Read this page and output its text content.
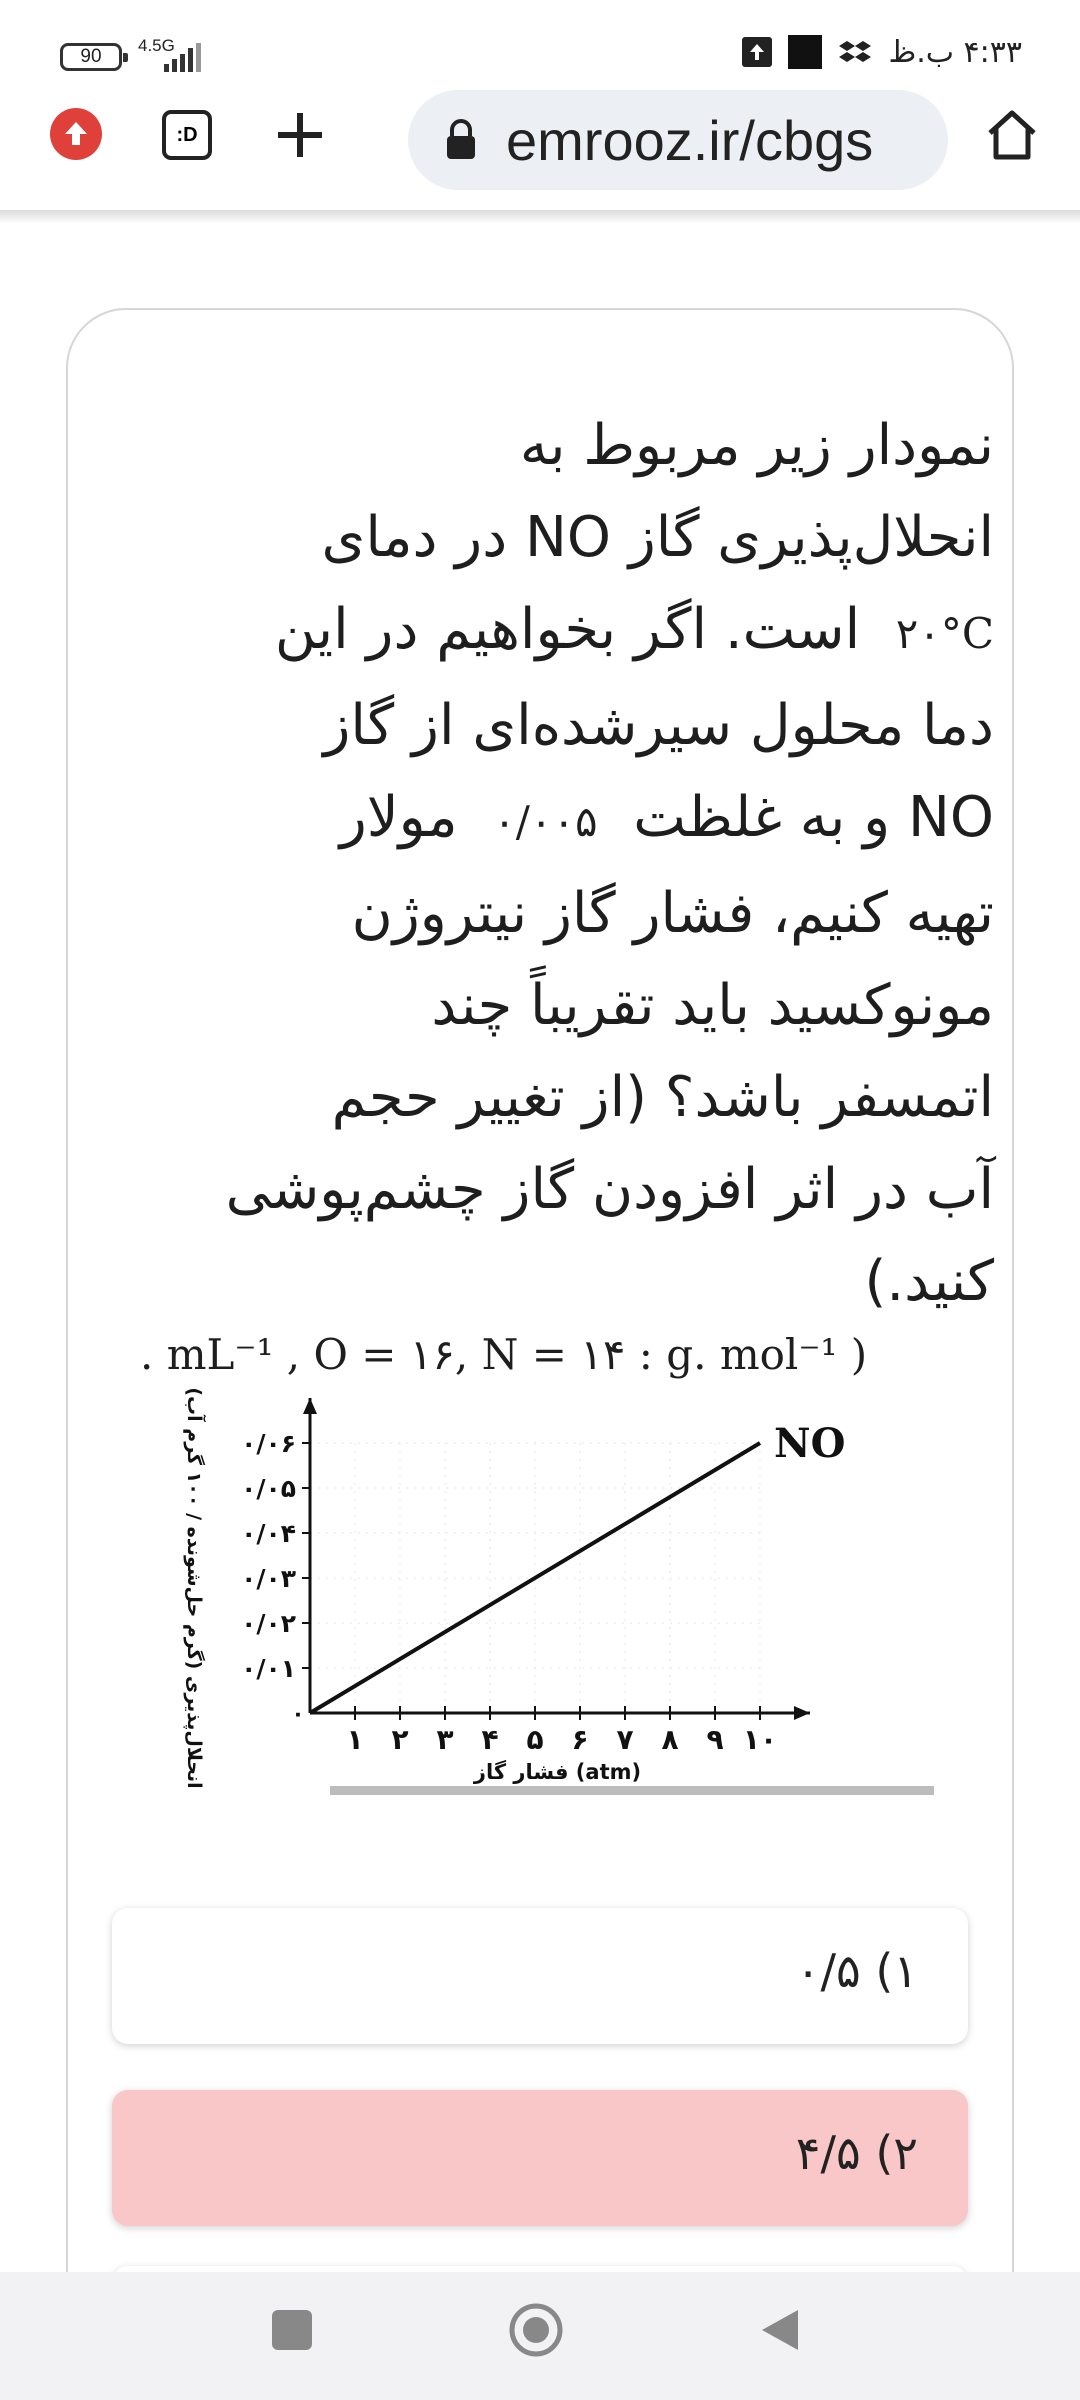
90
4.5G	۴:۳۳ ب.ظ
:D	emrooz.ir/cbgs
نمودار زیر مربوط به
انحلال‌پذیری گاز NO در دمای
۲۰°C  است. اگر بخواهیم در این
دما محلول سیرشده‌ای از گاز
NO و به غلظت  ۰/۰۰۵  مولار
تهیه کنیم، فشار گاز نیتروژن
مونوکسید باید تقریباً چند
اتمسفر باشد؟ (از تغییر حجم
آب در اثر افزودن گاز چشم‌پوشی
کنید.)
. mL⁻¹ , O = ۱۶, N = ۱۴ : g. mol⁻¹ )
۰
۱ ۲ ۳ ۴ ۵ ۶ ۷ ۸ ۹ ۱۰
۰/۰۱
۰/۰۲
۰/۰۳
۰/۰۴
۰/۰۵
۰/۰۶
فشار گاز (atm)
انحلال‌پذیری (گرم حل‌شونده / ۱۰۰ گرم آب)
NO
۱) ۰/۵
۲) ۴/۵
